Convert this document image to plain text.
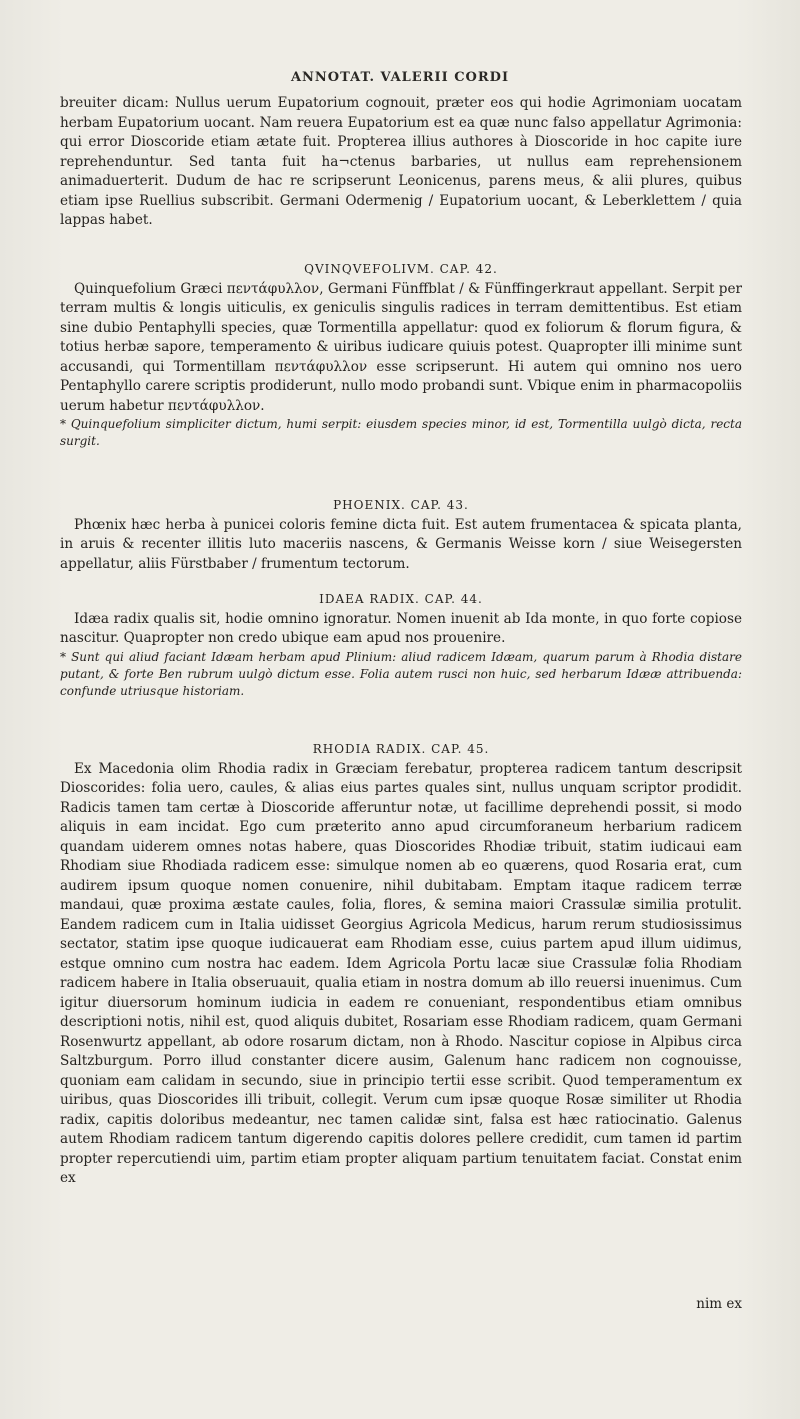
ANNOTAT. VALERII CORDI

breuiter dicam: Nullus uerum Eupatorium cognouit, præter eos qui hodie Agrimoniam uocatam herbam Eupatorium uocant. Nam reuera Eupatorium est ea quæ nunc falso appellatur Agrimonia: qui error Dioscoride etiam ætate fuit. Propterea illius authores à Dioscoride in hoc capite iure reprehenduntur. Sed tanta fuit ha¬ctenus barbaries, ut nullus eam reprehensionem animaduerterit. Dudum de hac re scripserunt Leonicenus, parens meus, & alii plures, quibus etiam ipse Ruellius subscribit. Germani Odermenig / Eupatorium uocant, & Leberklettem / quia lappas habet.

QVINQVEFOLIVM. CAP. 42.

Quinquefolium Græci πεντάφυλλον, Germani Fünffblat / & Fünffingerkraut appellant. Serpit per terram multis & longis uiticulis, ex geniculis singulis radices in terram demittentibus. Est etiam sine dubio Pentaphylli species, quæ Tormentilla appellatur: quod ex foliorum & florum figura, & totius herbæ sapore, temperamento & uiribus iudicare quiuis potest. Quapropter illi minime sunt accusandi, qui Tormentillam πεντάφυλλον esse scripserunt. Hi autem qui omnino nos uero Pentaphyllo carere scriptis prodiderunt, nullo modo probandi sunt. Vbique enim in pharmacopoliis uerum habetur πεντάφυλλον.

* Quinquefolium simpliciter dictum, humi serpit: eiusdem species minor, id est, Tormentilla uulgò dicta, recta surgit.

PHOENIX. CAP. 43.

Phœnix hæc herba à punicei coloris femine dicta fuit. Est autem frumentacea & spicata planta, in aruis & recenter illitis luto maceriis nascens, & Germanis Weisse korn / siue Weisegersten appellatur, aliis Fürstbaber / frumentum tectorum.

IDAEA RADIX. CAP. 44.

Idæa radix qualis sit, hodie omnino ignoratur. Nomen inuenit ab Ida monte, in quo forte copiose nascitur. Quapropter non credo ubique eam apud nos prouenire.

* Sunt qui aliud faciant Idæam herbam apud Plinium: aliud radicem Idæam, quarum parum à Rhodia distare putant, & forte Ben rubrum uulgò dictum esse. Folia autem rusci non huic, sed herbarum Idææ attribuenda: confunde utriusque historiam.

RHODIA RADIX. CAP. 45.

Ex Macedonia olim Rhodia radix in Græciam ferebatur, propterea radicem tantum descripsit Dioscorides: folia uero, caules, & alias eius partes quales sint, nullus unquam scriptor prodidit. Radicis tamen tam certæ à Dioscoride afferuntur notæ, ut facillime deprehendi possit, si modo aliquis in eam incidat. Ego cum præterito anno apud circumforaneum herbarium radicem quandam uiderem omnes notas habere, quas Dioscorides Rhodiæ tribuit, statim iudicaui eam Rhodiam siue Rhodiada radicem esse: simulque nomen ab eo quærens, quod Rosaria erat, cum audirem ipsum quoque nomen conuenire, nihil dubitabam. Emptam itaque radicem terræ mandaui, quæ proxima æstate caules, folia, flores, & semina maiori Crassulæ similia protulit. Eandem radicem cum in Italia uidisset Georgius Agricola Medicus, harum rerum studiosissimus sectator, statim ipse quoque iudicauerat eam Rhodiam esse, cuius partem apud illum uidimus, estque omnino cum nostra hac eadem. Idem Agricola Portu lacæ siue Crassulæ folia Rhodiam radicem habere in Italia obseruauit, qualia etiam in nostra domum ab illo reuersi inuenimus. Cum igitur diuersorum hominum iudicia in eadem re conueniant, respondentibus etiam omnibus descriptioni notis, nihil est, quod aliquis dubitet, Rosariam esse Rhodiam radicem, quam Germani Rosenwurtz appellant, ab odore rosarum dictam, non à Rhodo. Nascitur copiose in Alpibus circa Saltzburgum. Porro illud constanter dicere ausim, Galenum hanc radicem non cognouisse, quoniam eam calidam in secundo, siue in principio tertii esse scribit. Quod temperamentum ex uiribus, quas Dioscorides illi tribuit, collegit. Verum cum ipsæ quoque Rosæ similiter ut Rhodia radix, capitis doloribus medeantur, nec tamen calidæ sint, falsa est hæc ratiocinatio. Galenus autem Rhodiam radicem tantum digerendo capitis dolores pellere credidit, cum tamen id partim propter repercutiendi uim, partim etiam propter aliquam partium tenuitatem faciat. Constat enim ex

nim ex
